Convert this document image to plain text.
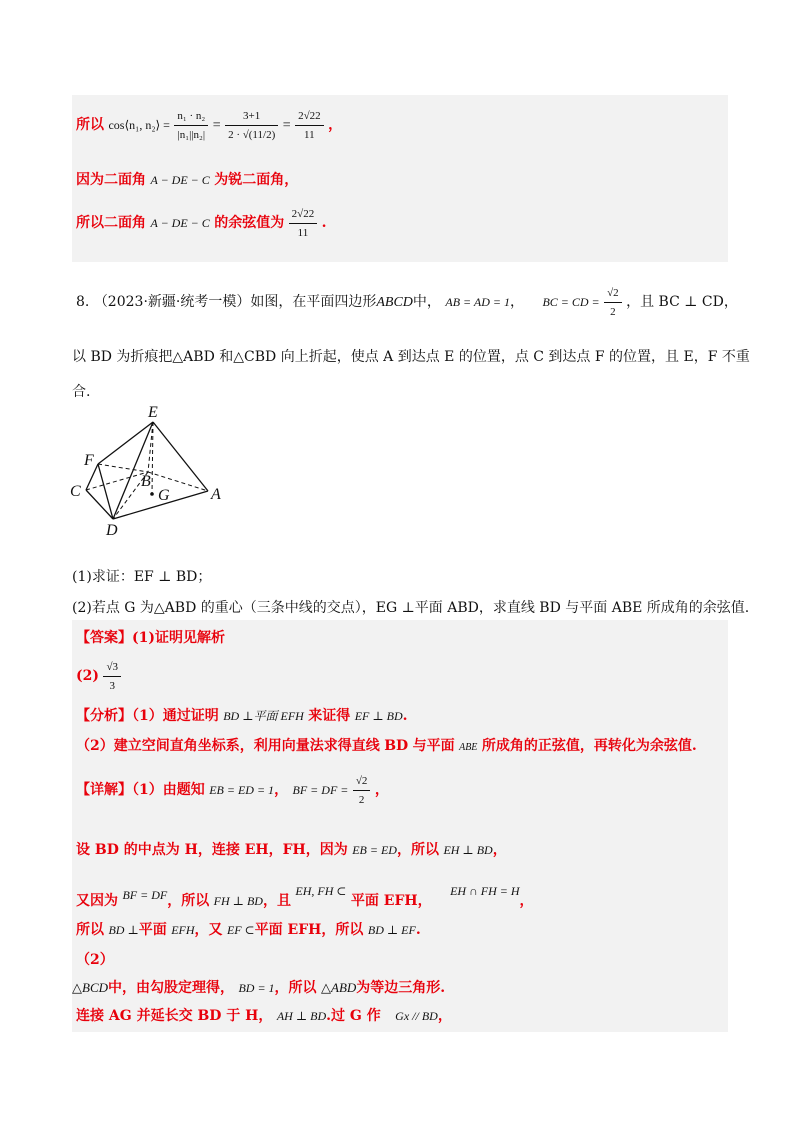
所以 cos⟨n₁, n₂⟩ = $\frac{\text{n₁ · n₂}}{\text{|n₁||n₂|}} = \frac{3+1}{2 \cdot √(11/2)} = \frac{2√22}{11}$ ，
因为二面角 A − DE − C 为锐二面角，
所以二面角 A − DE − C 的余弦值为 $\frac{2√22}{11}$ .
8. （2023·新疆·统考一模）如图，在平面四边形ABCD中， AB = AD = 1， BC = CD = $\frac{√2}{2}$ ，且 BC ⊥ CD，
以 BD 为折痕把△ABD 和△CBD 向上折起，使点 A 到达点 E 的位置，点 C 到达点 F 的位置，且 E，F 不重
合.
E
F
B
G
C	A
D
(1)求证：EF ⊥ BD；
(2)若点 G 为△ABD 的重心（三条中线的交点），EG ⊥平面 ABD，求直线 BD 与平面 ABE 所成角的余弦值.
【答案】(1)证明见解析
$(2) \frac{√3}{3}$
【分析】（1）通过证明 BD ⊥平面 EFH 来证得 EF ⊥ BD.
（2）建立空间直角坐标系，利用向量法求得直线 BD 与平面 ABE 所成角的正弦值，再转化为余弦值.
【详解】（1）由题知 EB = ED = 1， BF = DF = $\frac{√2}{2}$ ，
设 BD 的中点为 H，连接 EH，FH，因为 EB = ED，所以 EH ⊥ BD，
又因为 BF = DF，所以 FH ⊥ BD，且 EH, FH ⊂ 平面 EFH， EH ∩ FH = H，
所以 BD ⊥平面 EFH，又 EF ⊂平面 EFH，所以 BD ⊥ EF.
（2）
△BCD中，由勾股定理得， BD = 1，所以 △ABD为等边三角形.
连接 AG 并延长交 BD 于 H， AH ⊥ BD.过 G 作 Gx // BD，
